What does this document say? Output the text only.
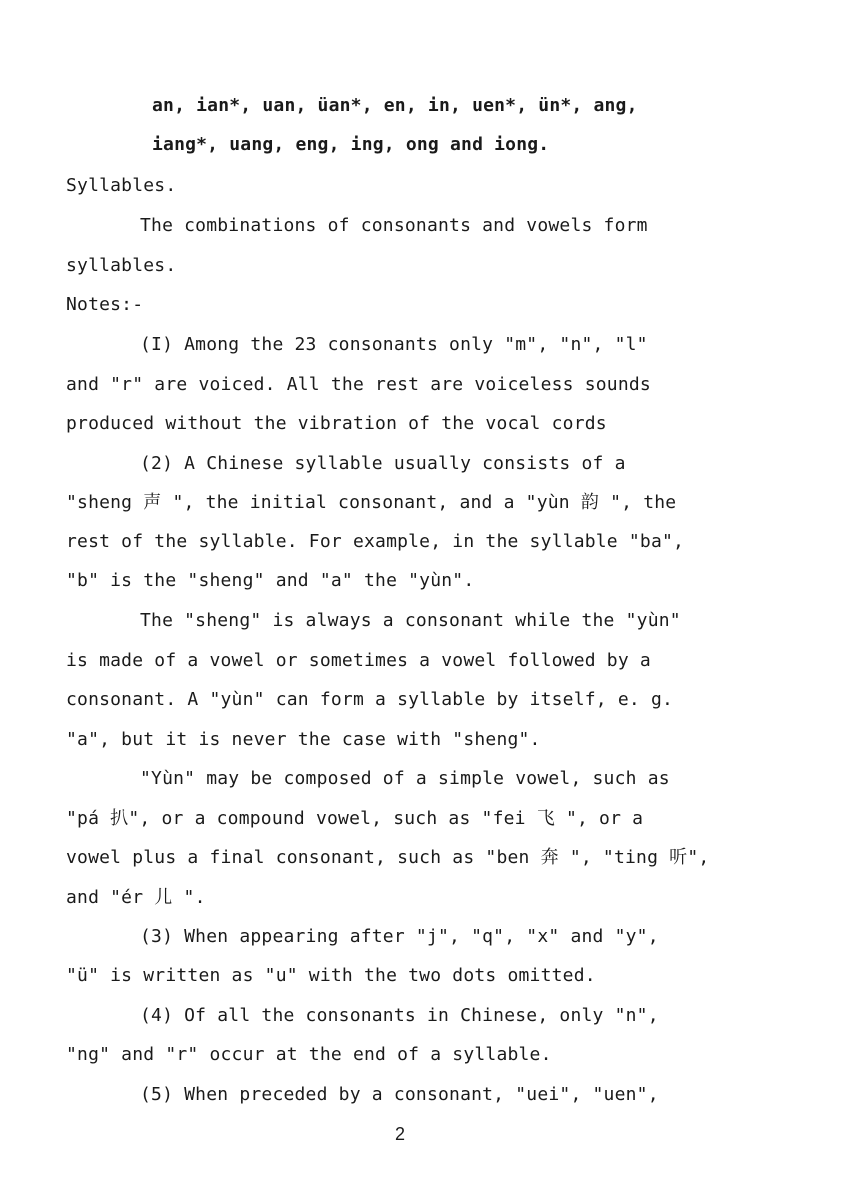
an, ian*, uan, üan*, en, in, uen*, ün*, ang,

iang*, uang, eng, ing, ong and iong.

Syllables.

The combinations of consonants and vowels form

syllables.

Notes:-

(I) Among the 23 consonants only "m", "n", "l"

and "r" are voiced. All the rest are voiceless sounds

produced without the vibration of the vocal cords

(2) A Chinese syllable usually consists of a

"sheng 声 ", the initial consonant, and a "yùn 韵 ", the

rest of the syllable. For example, in the syllable "ba",

"b" is the "sheng" and "a" the "yùn".

The "sheng" is always a consonant while the "yùn"

is made of a vowel or sometimes a vowel followed by a

consonant. A "yùn" can form a syllable by itself, e. g.

"a", but it is never the case with "sheng".

"Yùn" may be composed of a simple vowel, such as

"pá 扒", or a compound vowel, such as "fei 飞 ", or a

vowel plus a final consonant, such as "ben 奔 ", "ting 听",

and "ér 儿 ".

(3) When appearing after "j", "q", "x" and "y",

"ü" is written as "u" with the two dots omitted.

(4) Of all the consonants in Chinese, only "n",

"ng" and "r" occur at the end of a syllable.

(5) When preceded by a consonant, "uei", "uen",

2
